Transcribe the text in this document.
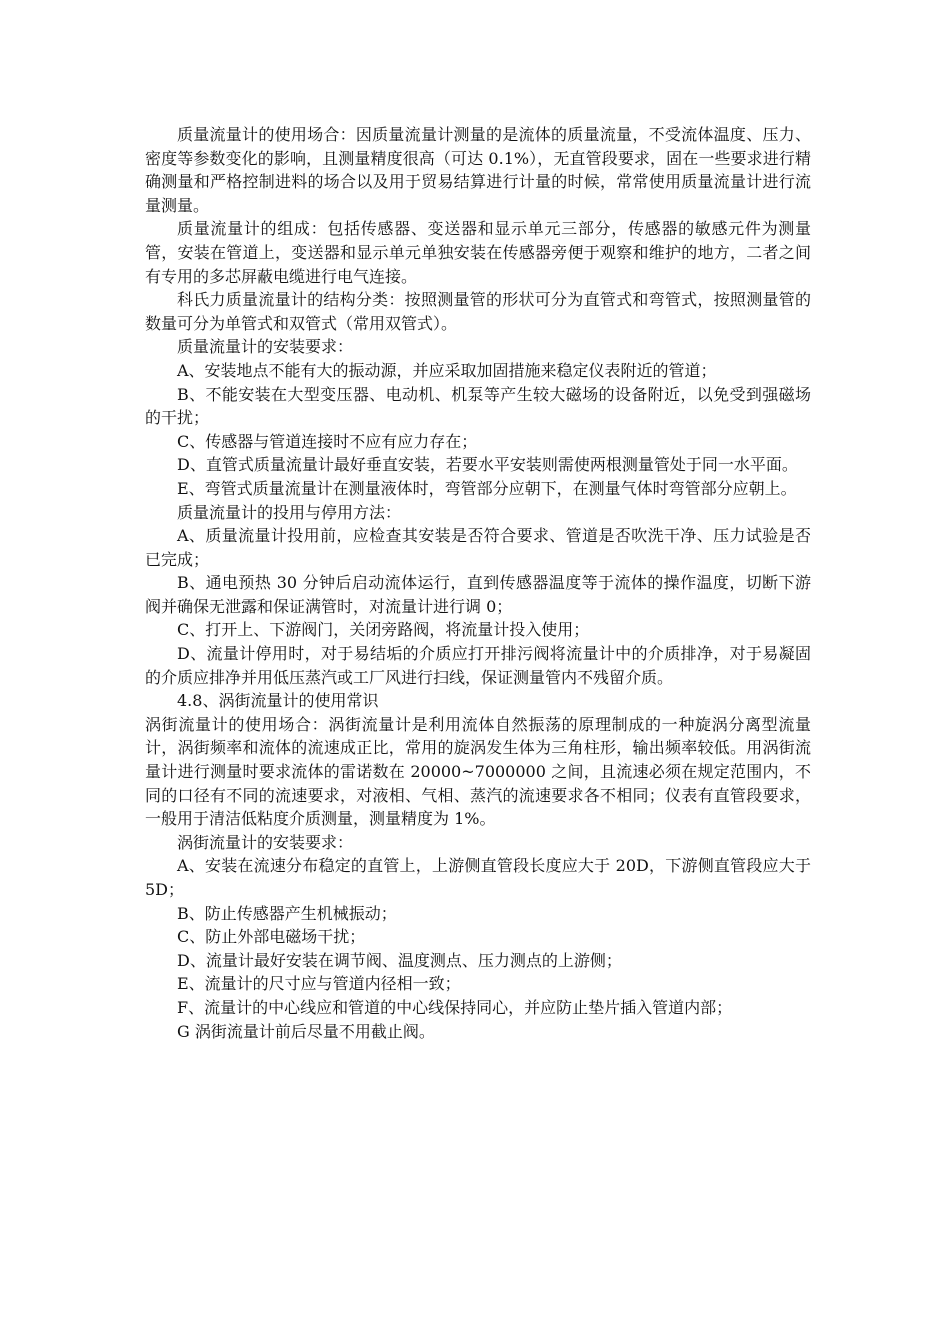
质量流量计的使用场合：因质量流量计测量的是流体的质量流量，不受流体温度、压力、密度等参数变化的影响，且测量精度很高（可达 0.1%），无直管段要求，固在一些要求进行精确测量和严格控制进料的场合以及用于贸易结算进行计量的时候，常常使用质量流量计进行流量测量。

质量流量计的组成：包括传感器、变送器和显示单元三部分，传感器的敏感元件为测量管，安装在管道上，变送器和显示单元单独安装在传感器旁便于观察和维护的地方，二者之间有专用的多芯屏蔽电缆进行电气连接。

科氏力质量流量计的结构分类：按照测量管的形状可分为直管式和弯管式，按照测量管的数量可分为单管式和双管式（常用双管式）。

质量流量计的安装要求：

A、安装地点不能有大的振动源，并应采取加固措施来稳定仪表附近的管道；

B、不能安装在大型变压器、电动机、机泵等产生较大磁场的设备附近，以免受到强磁场的干扰；

C、传感器与管道连接时不应有应力存在；

D、直管式质量流量计最好垂直安装，若要水平安装则需使两根测量管处于同一水平面。

E、弯管式质量流量计在测量液体时，弯管部分应朝下，在测量气体时弯管部分应朝上。

质量流量计的投用与停用方法：

A、质量流量计投用前，应检查其安装是否符合要求、管道是否吹洗干净、压力试验是否已完成；

B、通电预热 30 分钟后启动流体运行，直到传感器温度等于流体的操作温度，切断下游阀并确保无泄露和保证满管时，对流量计进行调 0；

C、打开上、下游阀门，关闭旁路阀，将流量计投入使用；

D、流量计停用时，对于易结垢的介质应打开排污阀将流量计中的介质排净，对于易凝固的介质应排净并用低压蒸汽或工厂风进行扫线，保证测量管内不残留介质。

4.8、涡街流量计的使用常识

涡街流量计的使用场合：涡街流量计是利用流体自然振荡的原理制成的一种旋涡分离型流量计，涡街频率和流体的流速成正比，常用的旋涡发生体为三角柱形，输出频率较低。用涡街流量计进行测量时要求流体的雷诺数在 20000~7000000 之间，且流速必须在规定范围内，不同的口径有不同的流速要求，对液相、气相、蒸汽的流速要求各不相同；仪表有直管段要求，一般用于清洁低粘度介质测量，测量精度为 1%。

涡街流量计的安装要求：

A、安装在流速分布稳定的直管上，上游侧直管段长度应大于 20D，下游侧直管段应大于 5D；

B、防止传感器产生机械振动；

C、防止外部电磁场干扰；

D、流量计最好安装在调节阀、温度测点、压力测点的上游侧；

E、流量计的尺寸应与管道内径相一致；

F、流量计的中心线应和管道的中心线保持同心，并应防止垫片插入管道内部；

G 涡街流量计前后尽量不用截止阀。
